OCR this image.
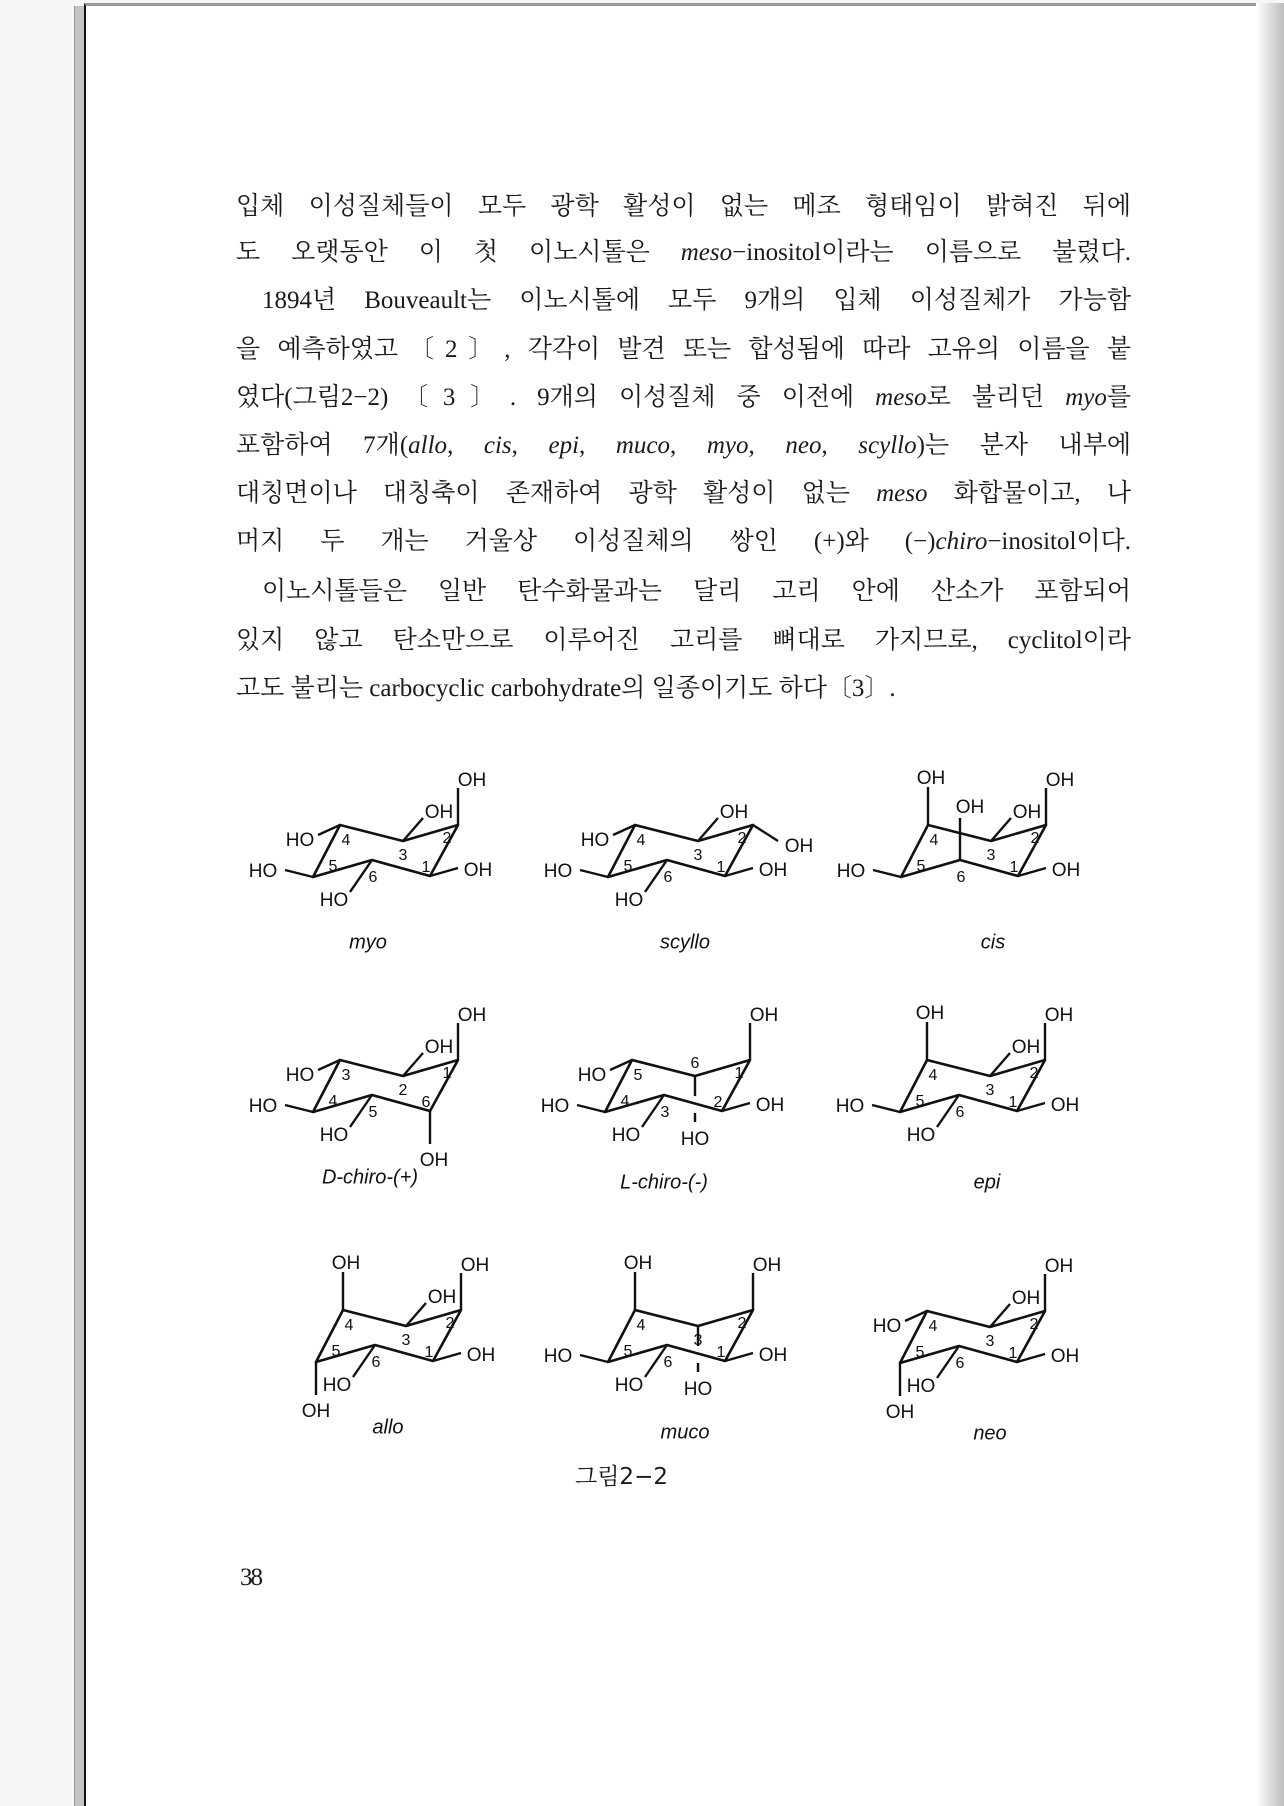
입체 이성질체들이 모두 광학 활성이 없는 메조 형태임이 밝혀진 뒤에
도 오랫동안 이 첫 이노시톨은 meso−inositol이라는 이름으로 불렸다.
1894년 Bouveault는 이노시톨에 모두 9개의 입체 이성질체가 가능함
을 예측하였고〔2〕, 각각이 발견 또는 합성됨에 따라 고유의 이름을 붙
였다(그림2−2)〔3〕. 9개의 이성질체 중 이전에 meso로 불리던 myo를
포함하여 7개(allo, cis, epi, muco, myo, neo, scyllo)는 분자 내부에
대칭면이나 대칭축이 존재하여 광학 활성이 없는 meso 화합물이고, 나
머지 두 개는 거울상 이성질체의 쌍인 (+)와 (−)chiro−inositol이다.
이노시톨들은 일반 탄수화물과는 달리 고리 안에 산소가 포함되어
있지 않고 탄소만으로 이루어진 고리를 뼈대로 가지므로, cyclitol이라
고도 불리는 carbocyclic carbohydrate의 일종이기도 하다〔3〕.
HO
OH
OH
OH
HO
HO
4
3
2
1
6
5
myo
HO
OH
OH
OH
HO
HO
4
3
2
1
6
5
scyllo
OH
OH
OH
OH
OH
HO
4
3
2
1
6
5
cis
HO
OH
OH
OH
HO
HO
3
2
1
6
5
4
D-chiro-(+)
HO
HO
OH
OH
HO
HO
5
6
1
2
3
4
L-chiro-(-)
OH
OH
OH
OH
HO
HO
4
3
2
1
6
5
epi
OH
OH
OH
OH
HO
OH
4
3
2
1
6
5
allo
OH
HO
OH
OH
HO
HO
4
3
2
1
6
5
muco
HO
OH
OH
OH
HO
OH
4
3
2
1
6
5
neo
그림2−2
38
